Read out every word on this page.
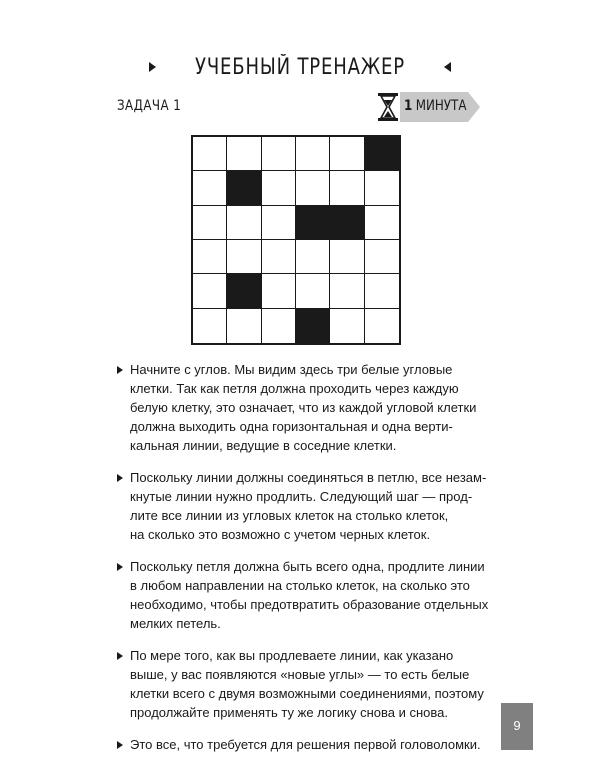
УЧЕБНЫЙ ТРЕНАЖЕР
ЗАДАЧА 1	1 МИНУТА
Начните с углов. Мы видим здесь три белые угловые
клетки. Так как петля должна проходить через каждую
белую клетку, это означает, что из каждой угловой клетки
должна выходить одна горизонтальная и одна верти-
кальная линии, ведущие в соседние клетки.
Поскольку линии должны соединяться в петлю, все незам-
кнутые линии нужно продлить. Следующий шаг — прод-
лите все линии из угловых клеток на столько клеток,
на сколько это возможно с учетом черных клеток.
Поскольку петля должна быть всего одна, продлите линии
в любом направлении на столько клеток, на сколько это
необходимо, чтобы предотвратить образование отдельных
мелких петель.
По мере того, как вы продлеваете линии, как указано
выше, у вас появляются «новые углы» — то есть белые
клетки всего с двумя возможными соединениями, поэтому
продолжайте применять ту же логику снова и снова.
Это все, что требуется для решения первой головоломки.
9
